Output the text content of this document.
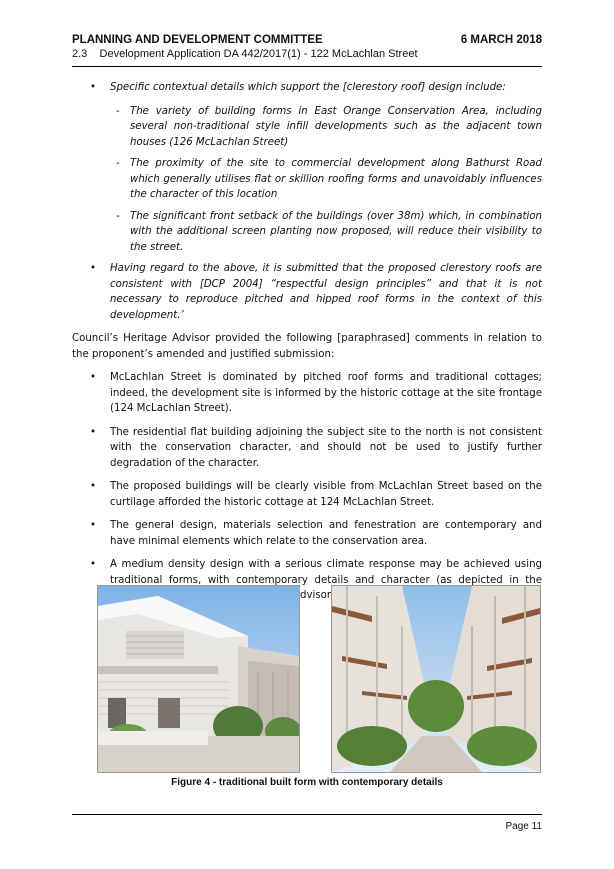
PLANNING AND DEVELOPMENT COMMITTEE	6 MARCH 2018
2.3 Development Application DA 442/2017(1) - 122 McLachlan Street
• Specific contextual details which support the [clerestory roof] design include:
- The variety of building forms in East Orange Conservation Area, including several non-traditional style infill developments such as the adjacent town houses (126 McLachlan Street)
- The proximity of the site to commercial development along Bathurst Road which generally utilises flat or skillion roofing forms and unavoidably influences the character of this location
- The significant front setback of the buildings (over 38m) which, in combination with the additional screen planting now proposed, will reduce their visibility to the street.
• Having regard to the above, it is submitted that the proposed clerestory roofs are consistent with [DCP 2004] “respectful design principles” and that it is not necessary to reproduce pitched and hipped roof forms in the context of this development.’
Council’s Heritage Advisor provided the following [paraphrased] comments in relation to the proponent’s amended and justified submission:
• McLachlan Street is dominated by pitched roof forms and traditional cottages; indeed, the development site is informed by the historic cottage at the site frontage (124 McLachlan Street).
• The residential flat building adjoining the subject site to the north is not consistent with the conservation character, and should not be used to justify further degradation of the character.
• The proposed buildings will be clearly visible from McLachlan Street based on the curtilage afforded the historic cottage at 124 McLachlan Street.
• The general design, materials selection and fenestration are contemporary and have minimal elements which relate to the conservation area.
• A medium density design with a serious climate response may be achieved using traditional forms, with contemporary details and character (as depicted in the Advisor
Figure 4 - traditional built form with contemporary details
Page 11
